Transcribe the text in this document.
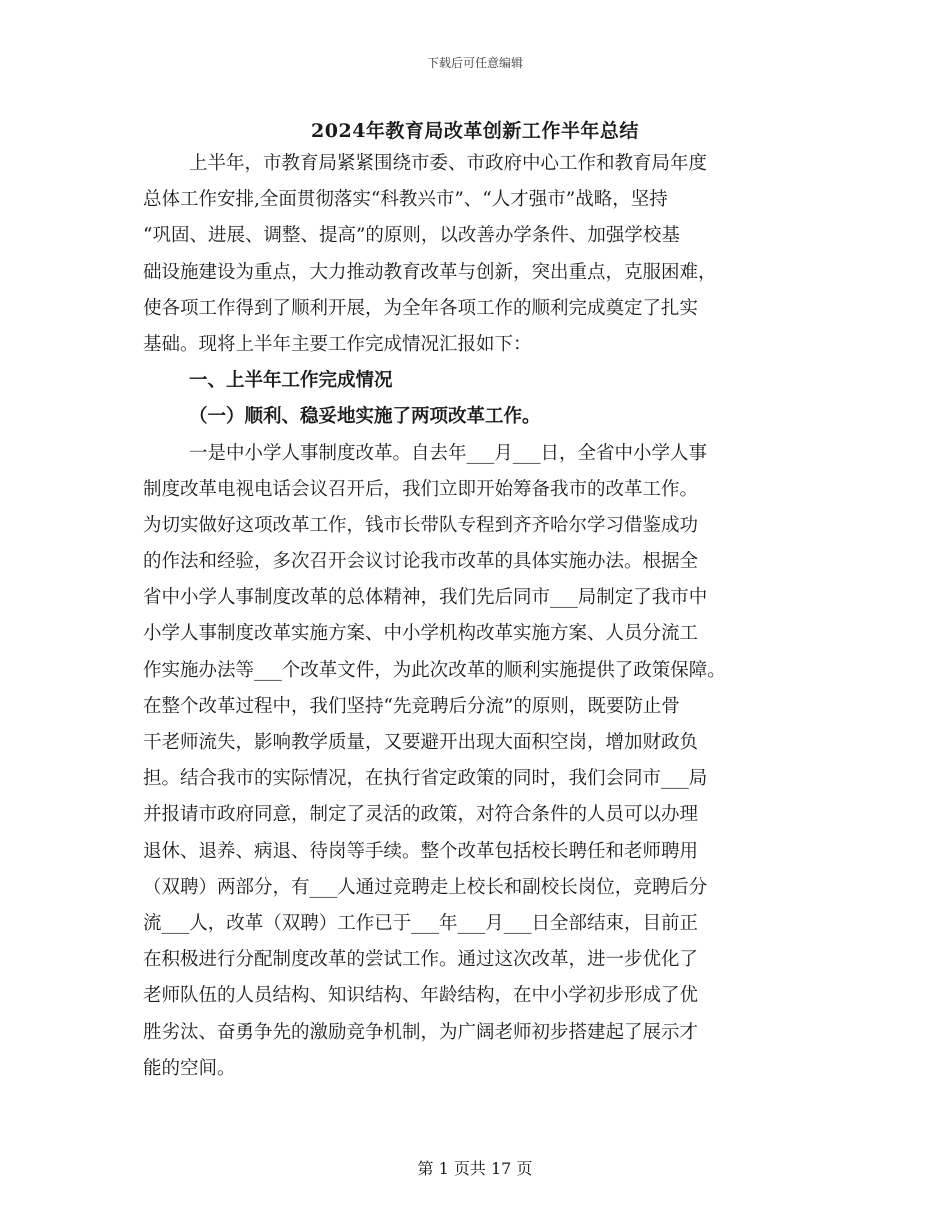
下载后可任意编辑
2024年教育局改革创新工作半年总结
上半年，市教育局紧紧围绕市委、市政府中心工作和教育局年度
总体工作安排,全面贯彻落实“科教兴市”、“人才强市”战略，坚持
“巩固、进展、调整、提高”的原则，以改善办学条件、加强学校基
础设施建设为重点，大力推动教育改革与创新，突出重点，克服困难，
使各项工作得到了顺利开展，为全年各项工作的顺利完成奠定了扎实
基础。现将上半年主要工作完成情况汇报如下：
一、上半年工作完成情况
（一）顺利、稳妥地实施了两项改革工作。
一是中小学人事制度改革。自去年___月___日，全省中小学人事
制度改革电视电话会议召开后，我们立即开始筹备我市的改革工作。
为切实做好这项改革工作，钱市长带队专程到齐齐哈尔学习借鉴成功
的作法和经验，多次召开会议讨论我市改革的具体实施办法。根据全
省中小学人事制度改革的总体精神，我们先后同市___局制定了我市中
小学人事制度改革实施方案、中小学机构改革实施方案、人员分流工
作实施办法等___个改革文件，为此次改革的顺利实施提供了政策保障。
在整个改革过程中，我们坚持“先竞聘后分流”的原则，既要防止骨
干老师流失，影响教学质量，又要避开出现大面积空岗，增加财政负
担。结合我市的实际情况，在执行省定政策的同时，我们会同市___局
并报请市政府同意，制定了灵活的政策，对符合条件的人员可以办理
退休、退养、病退、待岗等手续。整个改革包括校长聘任和老师聘用
（双聘）两部分，有___人通过竞聘走上校长和副校长岗位，竞聘后分
流___人，改革（双聘）工作已于___年___月___日全部结束，目前正
在积极进行分配制度改革的尝试工作。通过这次改革，进一步优化了
老师队伍的人员结构、知识结构、年龄结构，在中小学初步形成了优
胜劣汰、奋勇争先的激励竞争机制，为广阔老师初步搭建起了展示才
能的空间。
第 1 页共 17 页
